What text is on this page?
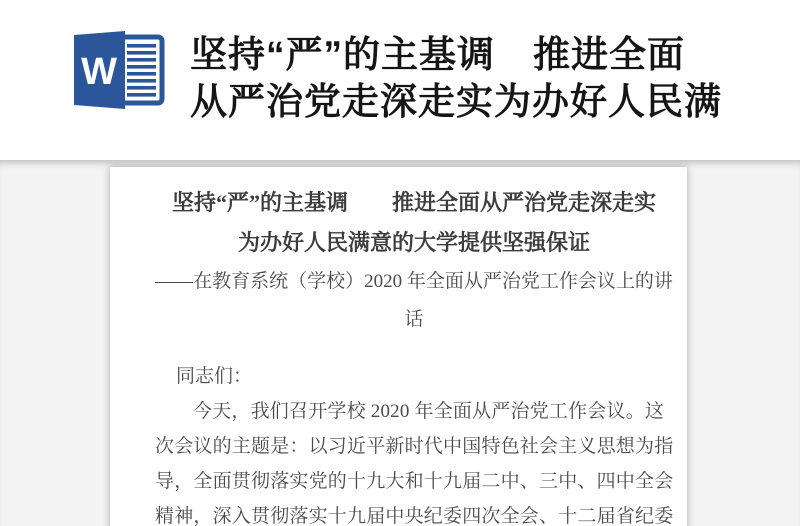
W 坚持“严”的主基调　推进全面
从严治党走深走实为办好人民满
坚持“严”的主基调　　推进全面从严治党走深走实
为办好人民满意的大学提供坚强保证
——在教育系统（学校）2020 年全面从严治党工作会议上的讲
话
同志们：
今天，我们召开学校 2020 年全面从严治党工作会议。这
次会议的主题是：以习近平新时代中国特色社会主义思想为指
导，全面贯彻落实党的十九大和十九届二中、三中、四中全会
精神，深入贯彻落实十九届中央纪委四次全会、十二届省纪委
